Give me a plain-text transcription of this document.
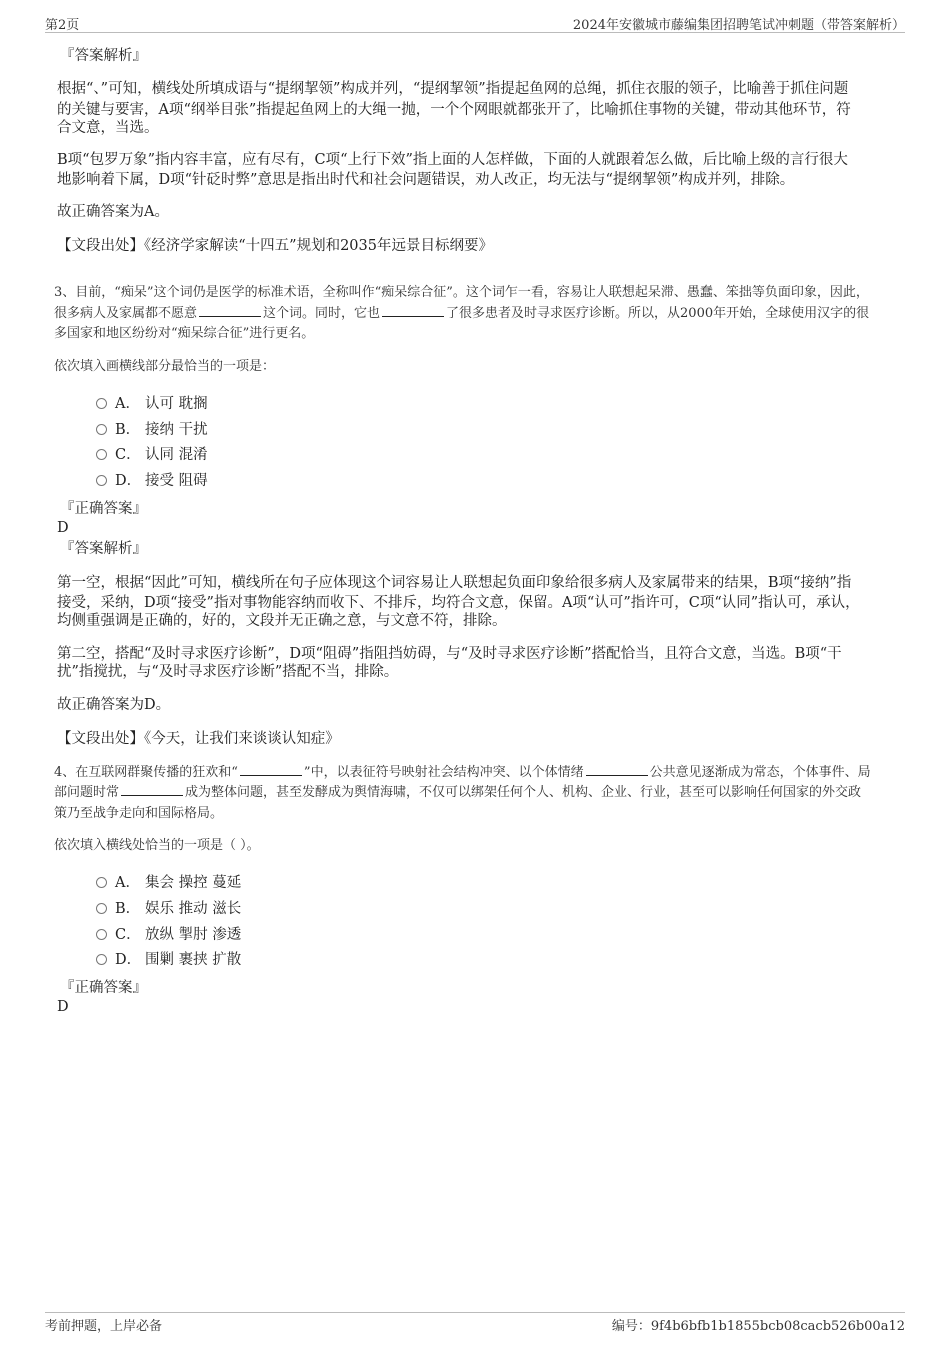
第2页	2024年安徽城市藤编集团招聘笔试冲刺题（带答案解析）
『答案解析』
根据“、”可知，横线处所填成语与“提纲挈领”构成并列，“提纲挈领”指提起鱼网的总绳，抓住衣服的领子，比喻善于抓住问题
的关键与要害，A项“纲举目张”指提起鱼网上的大绳一抛，一个个网眼就都张开了，比喻抓住事物的关键，带动其他环节，符
合文意，当选。
B项“包罗万象”指内容丰富，应有尽有，C项“上行下效”指上面的人怎样做，下面的人就跟着怎么做，后比喻上级的言行很大
地影响着下属，D项“针砭时弊”意思是指出时代和社会问题错误，劝人改正，均无法与“提纲挈领”构成并列，排除。
故正确答案为A。
【文段出处】《经济学家解读“十四五”规划和2035年远景目标纲要》
3、目前，“痴呆”这个词仍是医学的标准术语，全称叫作“痴呆综合征”。这个词乍一看，容易让人联想起呆滞、愚蠢、笨拙等负面印象，因此，
很多病人及家属都不愿意	这个词。同时，它也	了很多患者及时寻求医疗诊断。所以，从2000年开始，全球使用汉字的很
多国家和地区纷纷对“痴呆综合征”进行更名。
依次填入画横线部分最恰当的一项是：
A． 认可 耽搁
B． 接纳 干扰
C． 认同 混淆
D． 接受 阻碍
『正确答案』
D
『答案解析』
第一空，根据“因此”可知，横线所在句子应体现这个词容易让人联想起负面印象给很多病人及家属带来的结果，B项“接纳”指
接受，采纳，D项“接受”指对事物能容纳而收下、不排斥，均符合文意，保留。A项“认可”指许可，C项“认同”指认可，承认，
均侧重强调是正确的，好的，文段并无正确之意，与文意不符，排除。
第二空，搭配“及时寻求医疗诊断”，D项“阻碍”指阻挡妨碍，与“及时寻求医疗诊断”搭配恰当，且符合文意，当选。B项“干
扰”指搅扰，与“及时寻求医疗诊断”搭配不当，排除。
故正确答案为D。
【文段出处】《今天，让我们来谈谈认知症》
4、在互联网群聚传播的狂欢和“	”中，以表征符号映射社会结构冲突、以个体情绪	公共意见逐渐成为常态，个体事件、局
部问题时常	成为整体问题，甚至发酵成为舆情海啸，不仅可以绑架任何个人、机构、企业、行业，甚至可以影响任何国家的外交政
策乃至战争走向和国际格局。
依次填入横线处恰当的一项是（ ）。
A． 集会 操控 蔓延
B． 娱乐 推动 滋长
C． 放纵 掣肘 渗透
D． 围剿 裹挟 扩散
『正确答案』
D
考前押题，上岸必备	编号：9f4b6bfb1b1855bcb08cacb526b00a12
